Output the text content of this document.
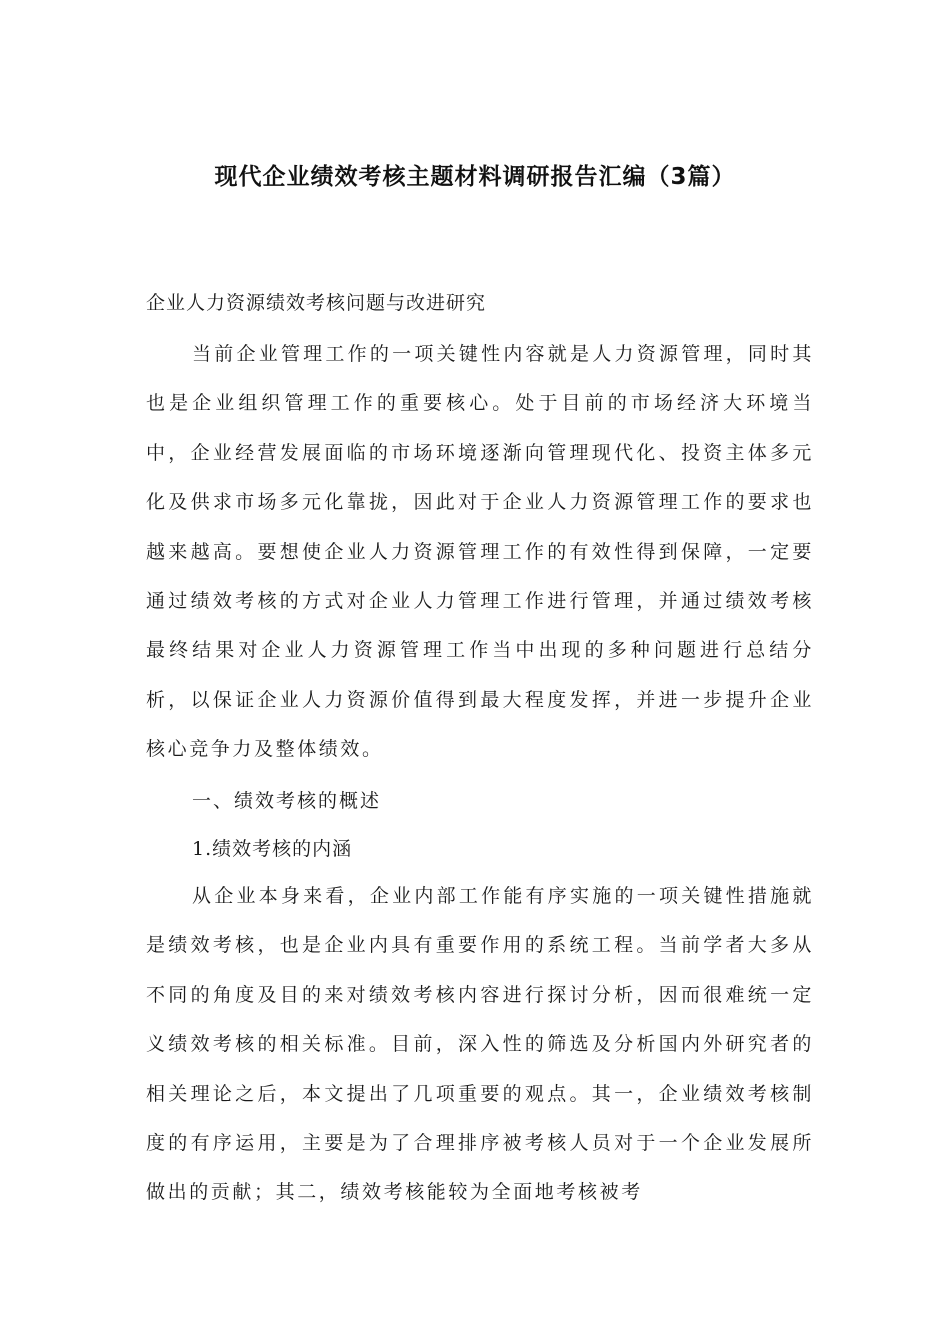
现代企业绩效考核主题材料调研报告汇编（3篇）
企业人力资源绩效考核问题与改进研究

当前企业管理工作的一项关键性内容就是人力资源管理，同时其也是企业组织管理工作的重要核心。处于目前的市场经济大环境当中，企业经营发展面临的市场环境逐渐向管理现代化、投资主体多元化及供求市场多元化靠拢，因此对于企业人力资源管理工作的要求也越来越高。要想使企业人力资源管理工作的有效性得到保障，一定要通过绩效考核的方式对企业人力管理工作进行管理，并通过绩效考核最终结果对企业人力资源管理工作当中出现的多种问题进行总结分析，以保证企业人力资源价值得到最大程度发挥，并进一步提升企业核心竞争力及整体绩效。

一、绩效考核的概述
1.绩效考核的内涵

从企业本身来看，企业内部工作能有序实施的一项关键性措施就是绩效考核，也是企业内具有重要作用的系统工程。当前学者大多从不同的角度及目的来对绩效考核内容进行探讨分析，因而很难统一定义绩效考核的相关标准。目前，深入性的筛选及分析国内外研究者的相关理论之后，本文提出了几项重要的观点。其一，企业绩效考核制度的有序运用，主要是为了合理排序被考核人员对于一个企业发展所做出的贡献；其二，绩效考核能较为全面地考核被考
